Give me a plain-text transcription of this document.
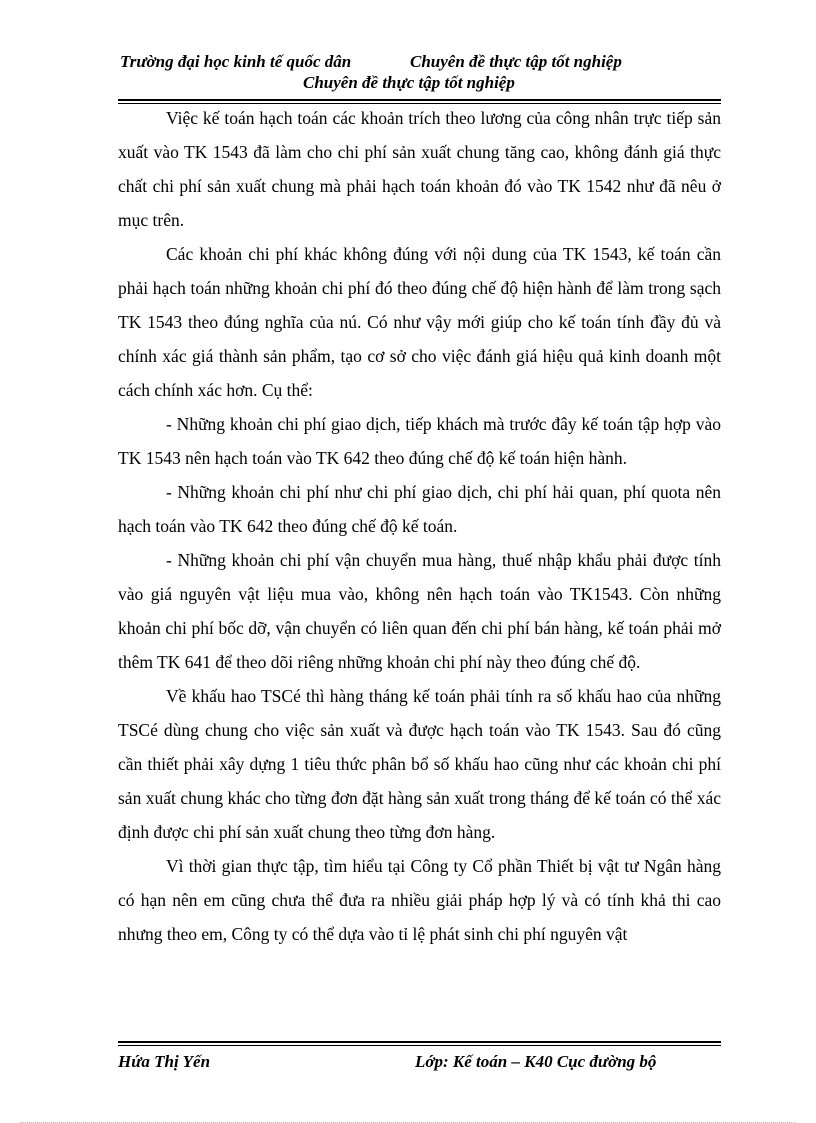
Trường đại học kinh tế quốc dân	Chuyên đề thực tập tốt nghiệp
Chuyên đề thực tập tốt nghiệp

Việc kế toán hạch toán các khoản trích theo lương của công nhân trực tiếp sản xuất vào TK 1543 đã làm cho chi phí sản xuất chung tăng cao, không đánh giá thực chất chi phí sản xuất chung mà phải hạch toán khoản đó vào TK 1542 như đã nêu ở mục trên.

Các khoản chi phí khác không đúng với nội dung của TK 1543, kế toán cần phải hạch toán những khoản chi phí đó theo đúng chế độ hiện hành để làm trong sạch TK 1543 theo đúng nghĩa của nú. Có như vậy mới giúp cho kế toán tính đầy đủ và chính xác giá thành sản phẩm, tạo cơ sở cho việc đánh giá hiệu quả kinh doanh một cách chính xác hơn. Cụ thể:

- Những khoản chi phí giao dịch, tiếp khách mà trước đây kế toán tập hợp vào TK 1543 nên hạch toán vào TK 642 theo đúng chế độ kế toán hiện hành.

- Những khoản chi phí như chi phí giao dịch, chi phí hải quan, phí quota nên hạch toán vào TK 642 theo đúng chế độ kế toán.

- Những khoản chi phí vận chuyển mua hàng, thuế nhập khẩu phải được tính vào giá nguyên vật liệu mua vào, không nên hạch toán vào TK1543. Còn những khoản chi phí bốc dỡ, vận chuyển có liên quan đến chi phí bán hàng, kế toán phải mở thêm TK 641 để theo dõi riêng những khoản chi phí này theo đúng chế độ.

Về khấu hao TSCé thì hàng tháng kế toán phải tính ra số khấu hao của những TSCé dùng chung cho việc sản xuất và được hạch toán vào TK 1543. Sau đó cũng cần thiết phải xây dựng 1 tiêu thức phân bổ số khấu hao cũng như các khoản chi phí sản xuất chung khác cho từng đơn đặt hàng sản xuất trong tháng để kế toán có thể xác định được chi phí sản xuất chung theo từng đơn hàng.

Vì thời gian thực tập, tìm hiểu tại Công ty Cổ phần Thiết bị vật tư Ngân hàng có hạn nên em cũng chưa thể đưa ra nhiều giải pháp hợp lý và có tính khả thi cao nhưng theo em, Công ty có thể dựa vào tỉ lệ phát sinh chi phí nguyên vật

Hứa Thị Yến	Lớp: Kế toán – K40 Cục đường bộ
